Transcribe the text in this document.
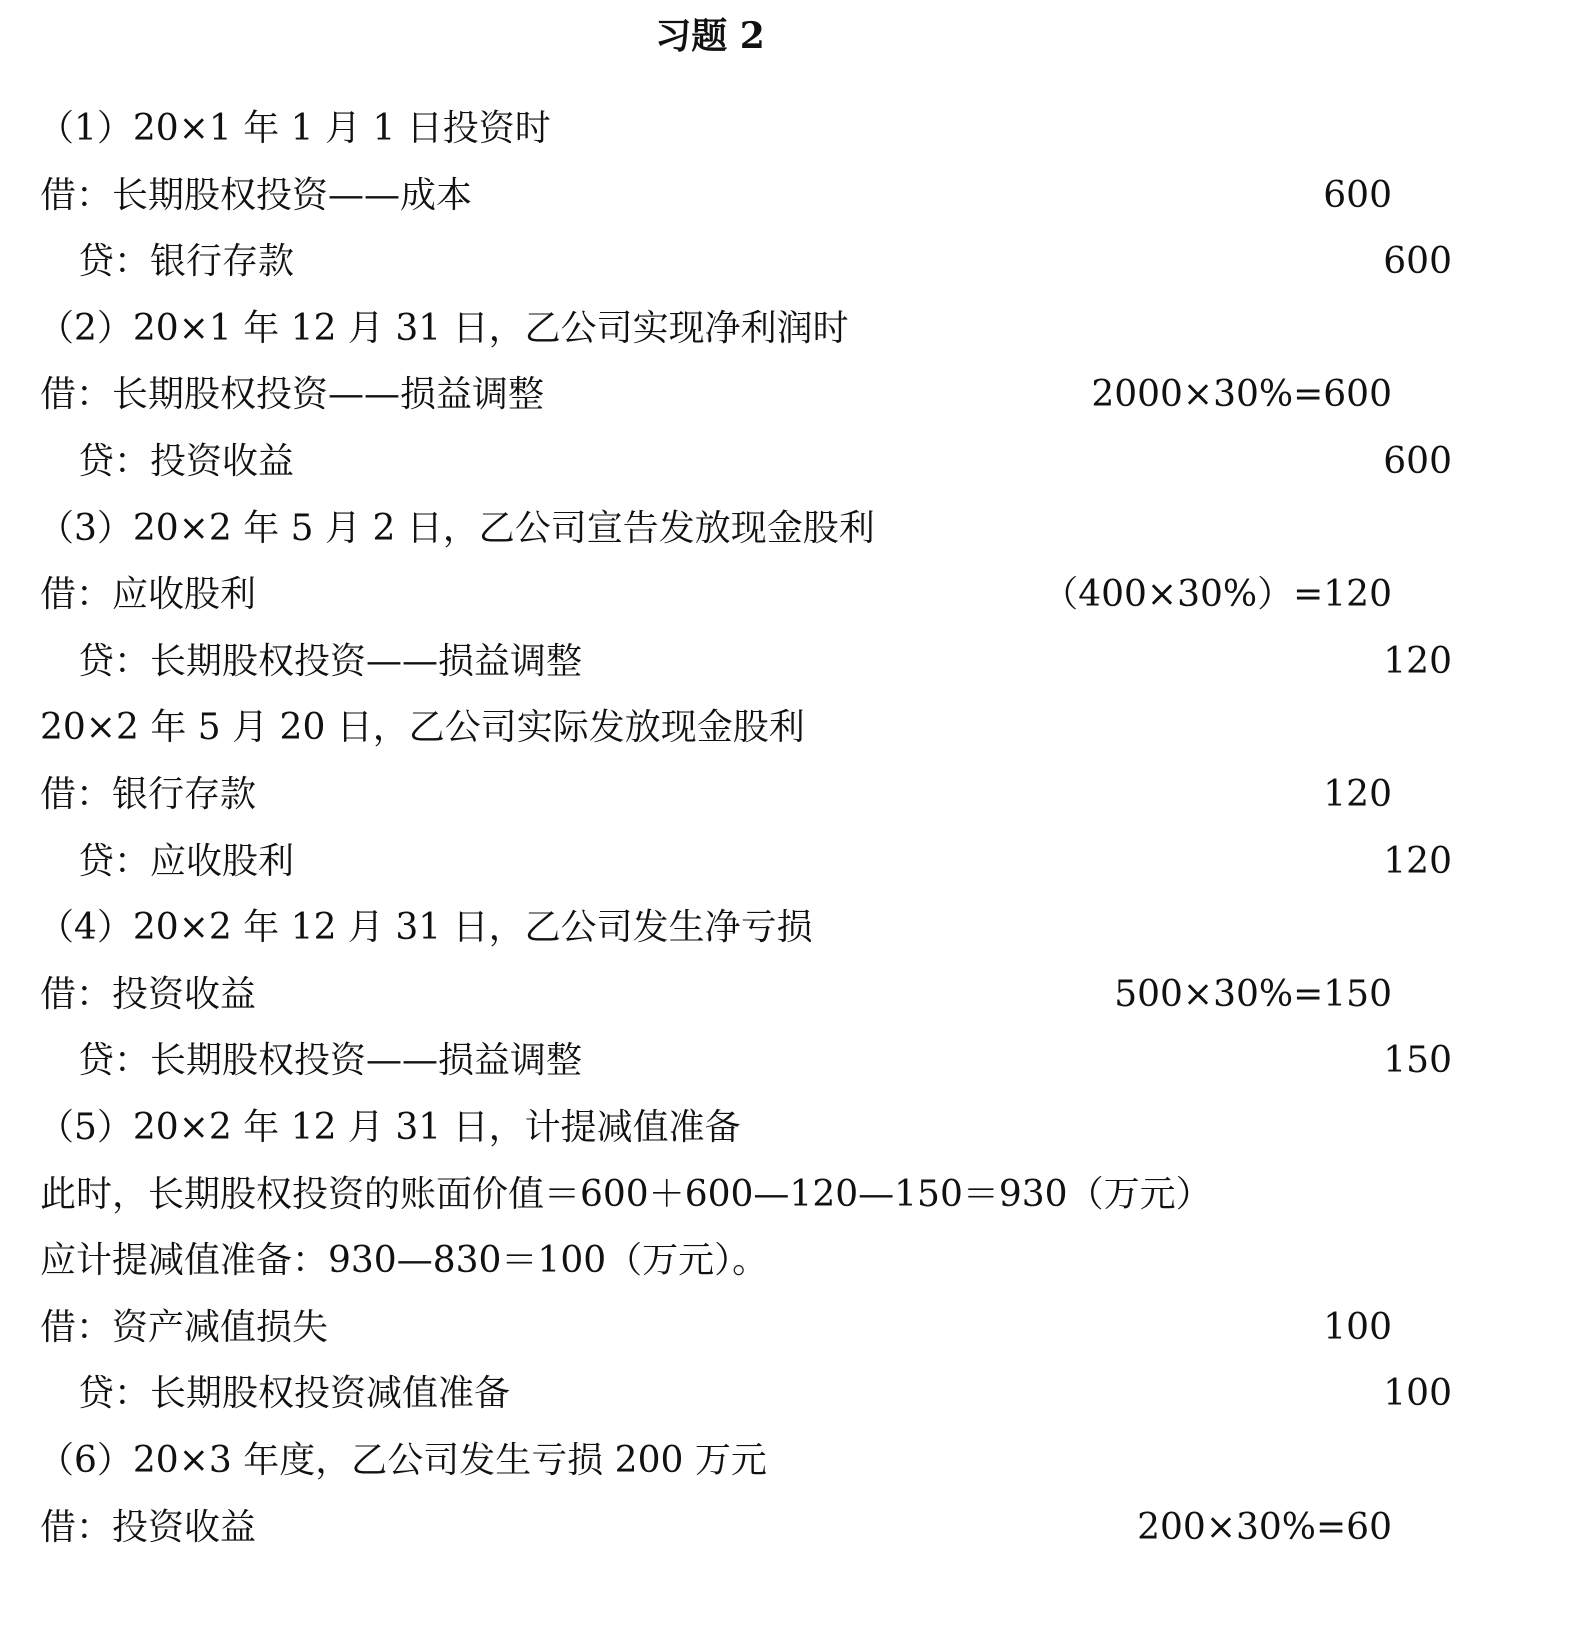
习题 2
（1）20×1 年 1 月 1 日投资时
借：长期股权投资——成本	600
贷：银行存款	600
（2）20×1 年 12 月 31 日，乙公司实现净利润时
借：长期股权投资——损益调整	2000×30%=600
贷：投资收益	600
（3）20×2 年 5 月 2 日，乙公司宣告发放现金股利
借：应收股利	（400×30%）=120
贷：长期股权投资——损益调整	120
20×2 年 5 月 20 日，乙公司实际发放现金股利
借：银行存款	120
贷：应收股利	120
（4）20×2 年 12 月 31 日，乙公司发生净亏损
借：投资收益	500×30%=150
贷：长期股权投资——损益调整	150
（5）20×2 年 12 月 31 日，计提减值准备
此时，长期股权投资的账面价值＝600＋600—120—150＝930（万元）
应计提减值准备：930—830＝100（万元）。
借：资产减值损失	100
贷：长期股权投资减值准备	100
（6）20×3 年度，乙公司发生亏损 200 万元
借：投资收益	200×30%=60
